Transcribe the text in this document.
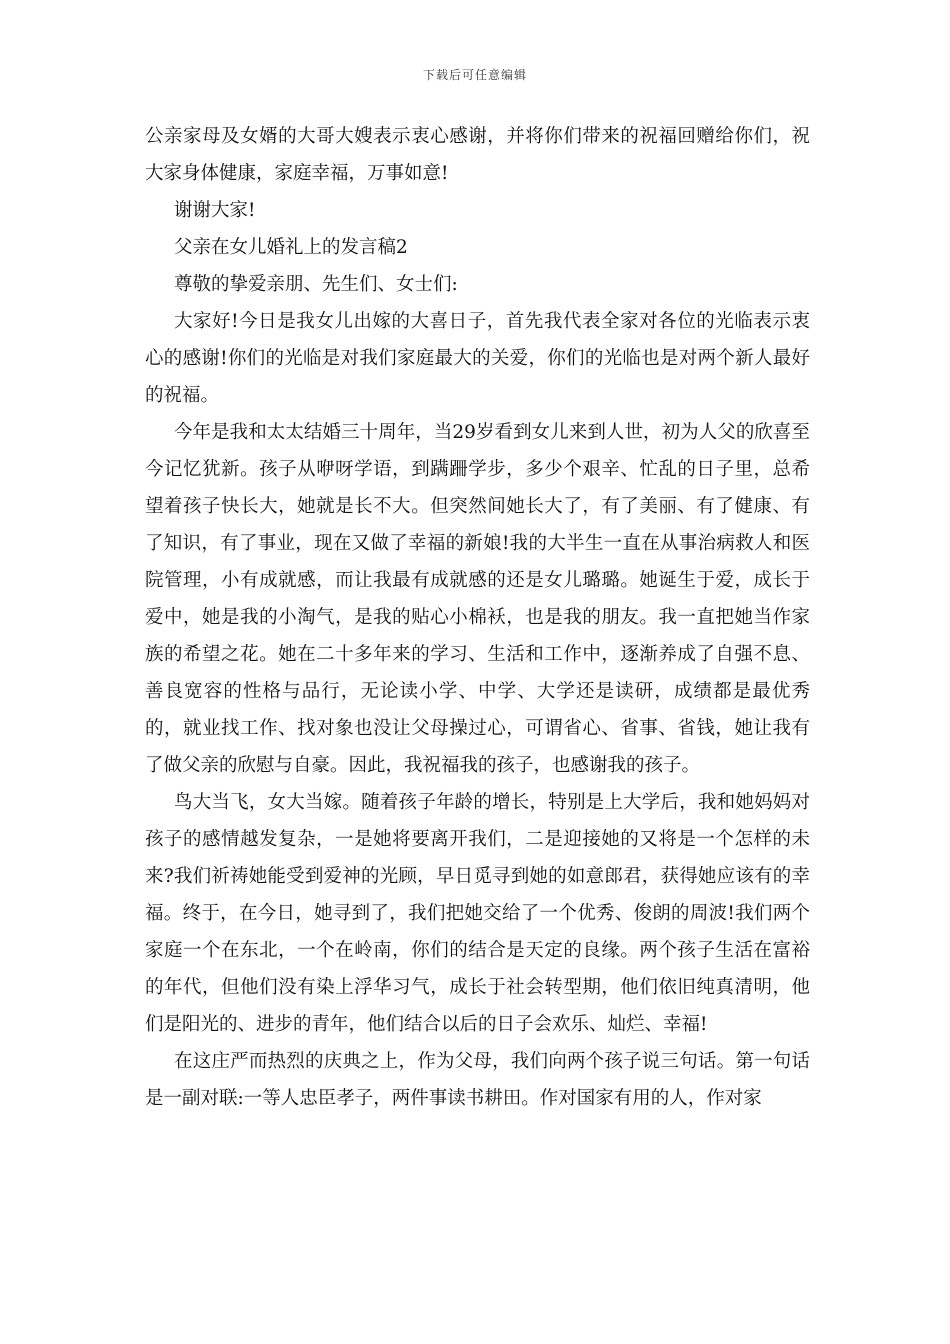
下载后可任意编辑

公亲家母及女婿的大哥大嫂表示衷心感谢，并将你们带来的祝福回赠给你们，祝大家身体健康，家庭幸福，万事如意!

谢谢大家!

父亲在女儿婚礼上的发言稿2

尊敬的挚爱亲朋、先生们、女士们:

大家好!今日是我女儿出嫁的大喜日子，首先我代表全家对各位的光临表示衷心的感谢!你们的光临是对我们家庭最大的关爱，你们的光临也是对两个新人最好的祝福。

今年是我和太太结婚三十周年，当29岁看到女儿来到人世，初为人父的欣喜至今记忆犹新。孩子从咿呀学语，到蹒跚学步，多少个艰辛、忙乱的日子里，总希望着孩子快长大，她就是长不大。但突然间她长大了，有了美丽、有了健康、有了知识，有了事业，现在又做了幸福的新娘!我的大半生一直在从事治病救人和医院管理，小有成就感，而让我最有成就感的还是女儿璐璐。她诞生于爱，成长于爱中，她是我的小淘气，是我的贴心小棉袄，也是我的朋友。我一直把她当作家族的希望之花。她在二十多年来的学习、生活和工作中，逐渐养成了自强不息、善良宽容的性格与品行，无论读小学、中学、大学还是读研，成绩都是最优秀的，就业找工作、找对象也没让父母操过心，可谓省心、省事、省钱，她让我有了做父亲的欣慰与自豪。因此，我祝福我的孩子，也感谢我的孩子。

鸟大当飞，女大当嫁。随着孩子年龄的增长，特别是上大学后，我和她妈妈对孩子的感情越发复杂，一是她将要离开我们，二是迎接她的又将是一个怎样的未来?我们祈祷她能受到爱神的光顾，早日觅寻到她的如意郎君，获得她应该有的幸福。终于，在今日，她寻到了，我们把她交给了一个优秀、俊朗的周波!我们两个家庭一个在东北，一个在岭南，你们的结合是天定的良缘。两个孩子生活在富裕的年代，但他们没有染上浮华习气，成长于社会转型期，他们依旧纯真清明，他们是阳光的、进步的青年，他们结合以后的日子会欢乐、灿烂、幸福!

在这庄严而热烈的庆典之上，作为父母，我们向两个孩子说三句话。第一句话是一副对联:一等人忠臣孝子，两件事读书耕田。作对国家有用的人，作对家
